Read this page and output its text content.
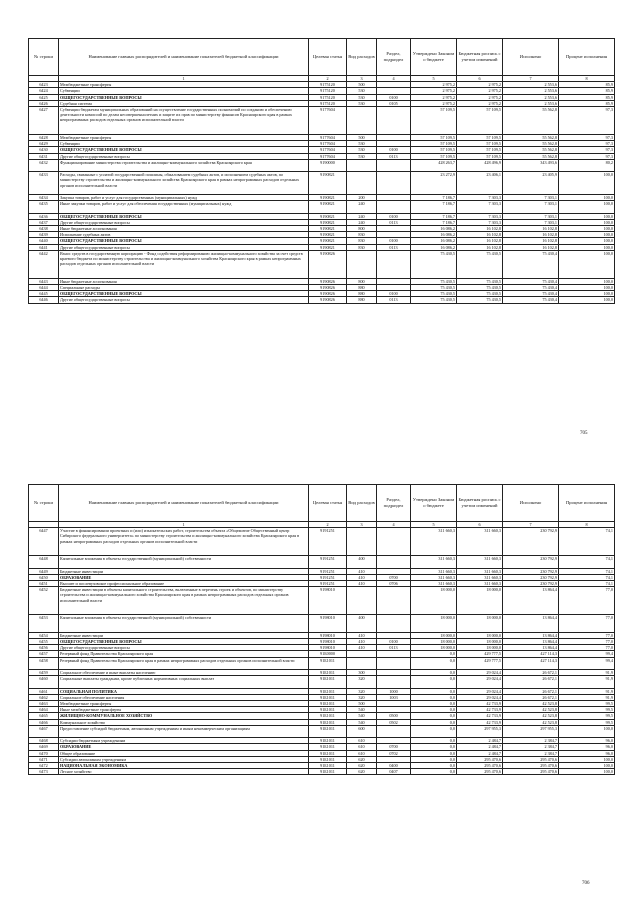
№ строки	Наименование главных распорядителей и наименование показателей бюджетной классификации	Целевая статья	Вид расходов	Раздел, подраздел	Утверждено Законом о бюджете	Бюджетная роспись с учетом изменений	Исполнено	Процент исполнения
	1	2	3	4	5	6	7	8
6423	Межбюджетные трансферты	9175120	500		2 975,2	2 975,2	2 553,6	85,9
6424	Субвенции	9175120	530		2 975,2	2 975,2	2 553,6	85,9
6425	ОБЩЕГОСУДАРСТВЕННЫЕ ВОПРОСЫ	9175120	530	0100	2 975,2	2 975,2	2 553,6	85,9
6426	Судебная система	9175120	530	0105	2 975,2	2 975,2	2 553,6	85,9
6427	Субвенции бюджетам муниципальных образований на осуществление государственных полномочий по созданию и обеспечению деятельности комиссий по делам несовершеннолетних и защите их прав по министерству финансов Красноярского края в рамках непрограммных расходов отдельных органов исполнительной власти	9177604			57 109,5	57 109,5	55 562,8	97,3
6428	Межбюджетные трансферты	9177604	500		57 109,5	57 109,5	55 562,8	97,3
6429	Субвенции	9177604	530		57 109,5	57 109,5	55 562,8	97,3
6430	ОБЩЕГОСУДАРСТВЕННЫЕ ВОПРОСЫ	9177604	530	0100	57 109,5	57 109,5	55 562,8	97,3
6431	Другие общегосударственные вопросы	9177604	530	0113	57 109,5	57 109,5	55 562,8	97,3
6432	Функционирование министерства строительства и жилищно-коммунального хозяйства Красноярского края	9190000			428 263,7	428 496,9	343 493,6	80,2
6433	Расходы, связанные с уплатой государственной пошлины, обжалованием судебных актов, и исполнением судебных актов, по министерству строительства и жилищно-коммунального хозяйства Красноярского края в рамках непрограммных расходов отдельных органов исполнительной власти	9190821			23 272,9	23 406,1	23 405,9	100,0
6434	Закупка товаров, работ и услуг для государственных (муниципальных) нужд	9190821	200		7 186,7	7 303,3	7 303,1	100,0
6435	Иные закупки товаров, работ и услуг для обеспечения государственных (муниципальных) нужд	9190821	240		7 186,7	7 303,3	7 303,1	100,0
6436	ОБЩЕГОСУДАРСТВЕННЫЕ ВОПРОСЫ	9190821	240	0100	7 186,7	7 303,3	7 303,1	100,0
6437	Другие общегосударственные вопросы	9190821	240	0113	7 186,7	7 303,3	7 303,1	100,0
6438	Иные бюджетные ассигнования	9190821	800		16 086,2	16 102,8	16 102,8	100,0
6439	Исполнение судебных актов	9190821	830		16 086,2	16 102,8	16 102,8	100,0
6440	ОБЩЕГОСУДАРСТВЕННЫЕ ВОПРОСЫ	9190821	830	0100	16 086,2	16 102,8	16 102,8	100,0
6441	Другие общегосударственные вопросы	9190821	830	0113	16 086,2	16 102,8	16 102,8	100,0
6442	Взнос средств в государственную корпорацию - Фонд содействия реформированию жилищно-коммунального хозяйства за счет средств краевого бюджета по министерству строительства и жилищно-коммунального хозяйства Красноярского края в рамках непрограммных расходов отдельных органов исполнительной власти	9190826			75 430,5	75 430,5	75 430,4	100,0
6443	Иные бюджетные ассигнования	9190826	800		75 430,5	75 430,5	75 430,4	100,0
6444	Специальные расходы	9190826	880		75 430,5	75 430,5	75 430,4	100,0
6445	ОБЩЕГОСУДАРСТВЕННЫЕ ВОПРОСЫ	9190826	880	0100	75 430,5	75 430,5	75 430,4	100,0
6446	Другие общегосударственные вопросы	9190826	880	0113	75 430,5	75 430,5	75 430,4	100,0
705
№ строки	Наименование главных распорядителей и наименование показателей бюджетной классификации	Целевая статья	Вид расходов	Раздел, подраздел	Утверждено Законом о бюджете	Бюджетная роспись с учетом изменений	Исполнено	Процент исполнения
	1	2	3	4	5	6	7	8
6447	Участие в финансировании проектных и (или) изыскательских работ, строительства объекта «Общежитие Общественный центр Сибирского федерального университета» по министерству строительства и жилищно-коммунального хозяйства Красноярского края в рамках непрограммных расходов отдельных органов исполнительной власти	9191251			311 660,3	311 660,3	230 792,9	74,1
6448	Капитальные вложения в объекты государственной (муниципальной) собственности	9191251	400		311 660,3	311 660,3	230 792,9	74,1
6449	Бюджетные инвестиции	9191251	410		311 660,3	311 660,3	230 792,9	74,1
6450	ОБРАЗОВАНИЕ	9191251	410	0700	311 660,3	311 660,3	230 792,9	74,1
6451	Высшее и послевузовское профессиональное образование	9191251	410	0706	311 660,3	311 660,3	230 792,9	74,1
6452	Бюджетные инвестиции в объекты капитального строительства, включенные в перечень строек и объектов, по министерству строительства и жилищно-коммунального хозяйства Красноярского края в рамках непрограммных расходов отдельных органов исполнительной власти	9198010			18 000,0	18 000,0	13 864,4	77,0
6453	Капитальные вложения в объекты государственной (муниципальной) собственности	9198010	400		18 000,0	18 000,0	13 864,4	77,0
6454	Бюджетные инвестиции	9198010	410		18 000,0	18 000,0	13 864,4	77,0
6455	ОБЩЕГОСУДАРСТВЕННЫЕ ВОПРОСЫ	9198010	410	0100	18 000,0	18 000,0	13 864,4	77,0
6456	Другие общегосударственные вопросы	9198010	410	0113	18 000,0	18 000,0	13 864,4	77,0
6457	Резервный фонд Правительства Красноярского края	91Б0000			0,0	429 777,5	427 114,3	99,4
6458	Резервный фонд Правительства Красноярского края в рамках непрограммных расходов отдельных органов исполнительной власти	91Б1011			0,0	429 777,5	427 114,3	99,4
6459	Социальное обеспечение и иные выплаты населению	91Б1011	300		0,0	29 024,4	26 672,1	91,9
6460	Социальные выплаты гражданам, кроме публичных нормативных социальных выплат	91Б1011	320		0,0	29 024,4	26 672,1	91,9
6461	СОЦИАЛЬНАЯ ПОЛИТИКА	91Б1011	320	1000	0,0	29 024,4	26 672,1	91,9
6462	Социальное обеспечение населения	91Б1011	320	1003	0,0	29 024,4	26 672,1	91,9
6463	Межбюджетные трансферты	91Б1011	500		0,0	42 733,9	42 523,8	99,5
6464	Иные межбюджетные трансферты	91Б1011	540		0,0	42 733,9	42 523,8	99,5
6465	ЖИЛИЩНО-КОММУНАЛЬНОЕ ХОЗЯЙСТВО	91Б1011	540	0500	0,0	42 733,9	42 523,8	99,5
6466	Коммунальное хозяйство	91Б1011	540	0502	0,0	42 733,9	42 523,8	99,5
6467	Предоставление субсидий бюджетным, автономным учреждениям и иным некоммерческим организациям	91Б1011	600		0,0	297 955,3	297 955,3	100,0
6468	Субсидии бюджетным учреждениям	91Б1011	610		0,0	2 484,7	2 384,7	96,0
6469	ОБРАЗОВАНИЕ	91Б1011	610	0700	0,0	2 484,7	2 384,7	96,0
6470	Общее образование	91Б1011	610	0702	0,0	2 484,7	2 384,7	96,0
6471	Субсидии автономным учреждениям	91Б1011	620		0,0	295 470,6	295 470,6	100,0
6472	НАЦИОНАЛЬНАЯ ЭКОНОМИКА	91Б1011	620	0400	0,0	295 470,6	295 470,6	100,0
6473	Лесное хозяйство	91Б1011	620	0407	0,0	295 470,6	295 470,6	100,0
706
